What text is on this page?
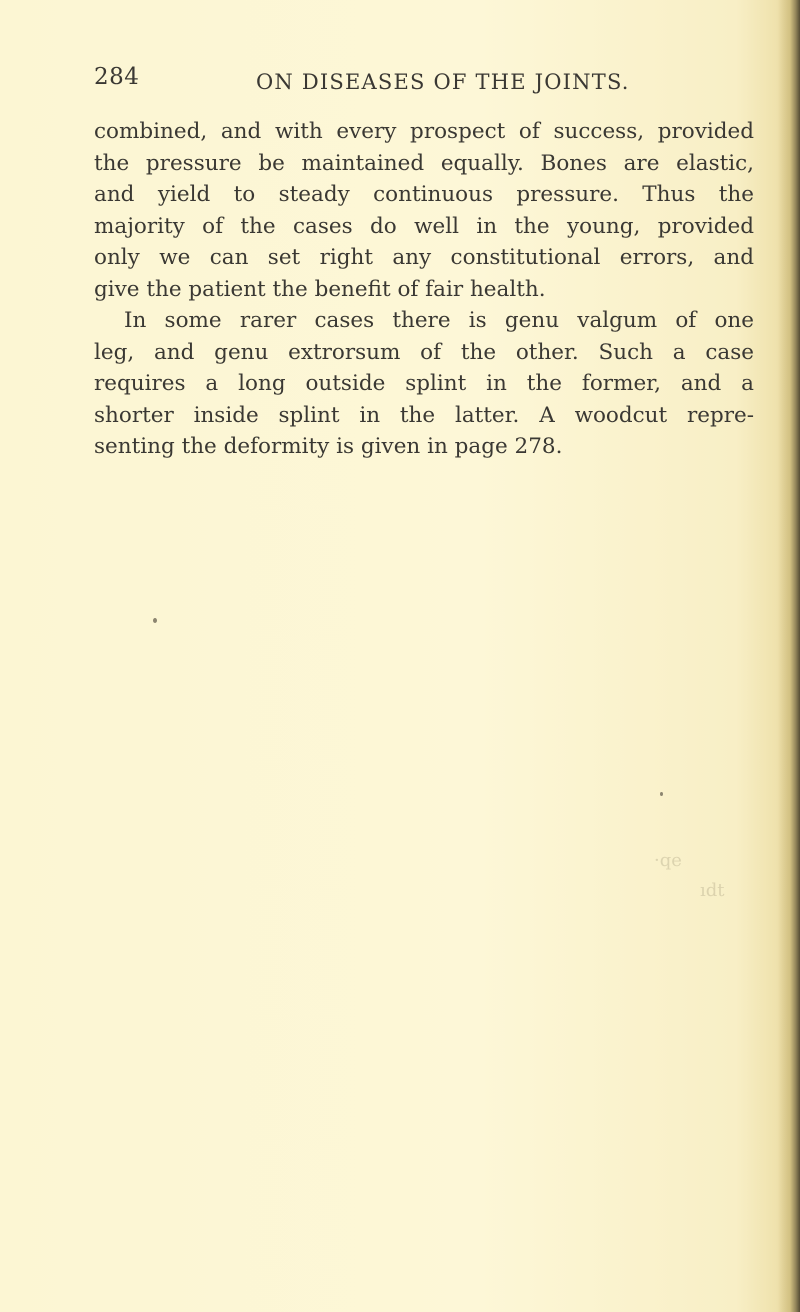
284	ON DISEASES OF THE JOINTS.
combined, and with every prospect of success, provided
the pressure be maintained equally. Bones are elastic,
and yield to steady continuous pressure. Thus the
majority of the cases do well in the young, provided
only we can set right any constitutional errors, and
give the patient the benefit of fair health.
In some rarer cases there is genu valgum of one
leg, and genu extrorsum of the other. Such a case
requires a long outside splint in the former, and a
shorter inside splint in the latter. A woodcut repre-
senting the deformity is given in page 278.
·qe
ıdt
